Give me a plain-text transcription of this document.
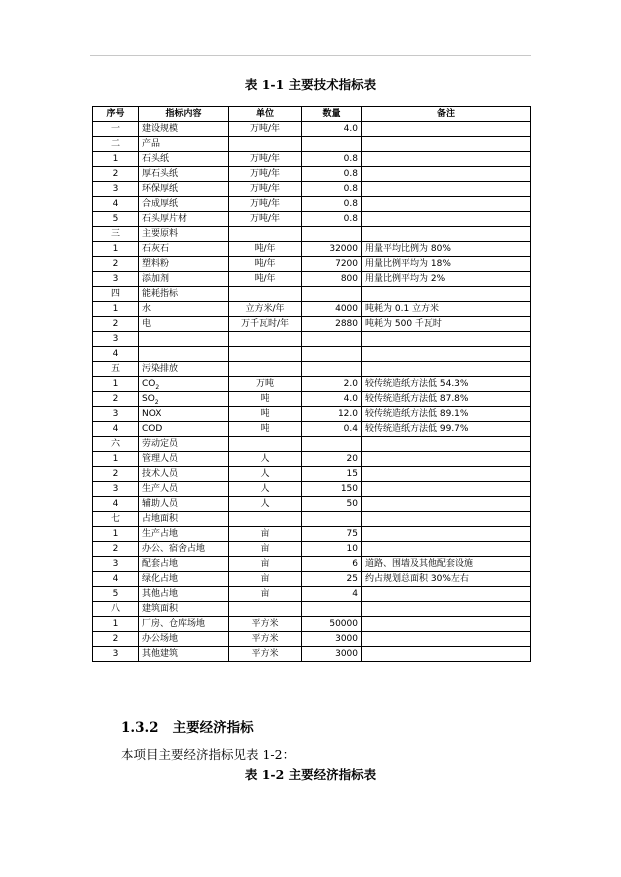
表 1-1 主要技术指标表
序号	指标内容	单位	数量	备注
一	建设规模	万吨/年	4.0	
二	产品			
1	石头纸	万吨/年	0.8	
2	厚石头纸	万吨/年	0.8	
3	环保厚纸	万吨/年	0.8	
4	合成厚纸	万吨/年	0.8	
5	石头厚片材	万吨/年	0.8	
三	主要原料			
1	石灰石	吨/年	32000	用量平均比例为 80%
2	塑料粉	吨/年	7200	用量比例平均为 18%
3	添加剂	吨/年	800	用量比例平均为 2%
四	能耗指标			
1	水	立方米/年	4000	吨耗为 0.1 立方米
2	电	万千瓦时/年	2880	吨耗为 500 千瓦时
3				
4				
五	污染排放			
1	$CO_2$	万吨	2.0	较传统造纸方法低 54.3%
2	$SO_2$	吨	4.0	较传统造纸方法低 87.8%
3	NOX	吨	12.0	较传统造纸方法低 89.1%
4	COD	吨	0.4	较传统造纸方法低 99.7%
六	劳动定员			
1	管理人员	人	20	
2	技术人员	人	15	
3	生产人员	人	150	
4	辅助人员	人	50	
七	占地面积			
1	生产占地	亩	75	
2	办公、宿舍占地	亩	10	
3	配套占地	亩	6	道路、围墙及其他配套设施
4	绿化占地	亩	25	约占规划总面积 30%左右
5	其他占地	亩	4	
八	建筑面积			
1	厂房、仓库场地	平方米	50000	
2	办公场地	平方米	3000	
3	其他建筑	平方米	3000	
1.3.2 主要经济指标
本项目主要经济指标见表 1-2：
表 1-2 主要经济指标表
